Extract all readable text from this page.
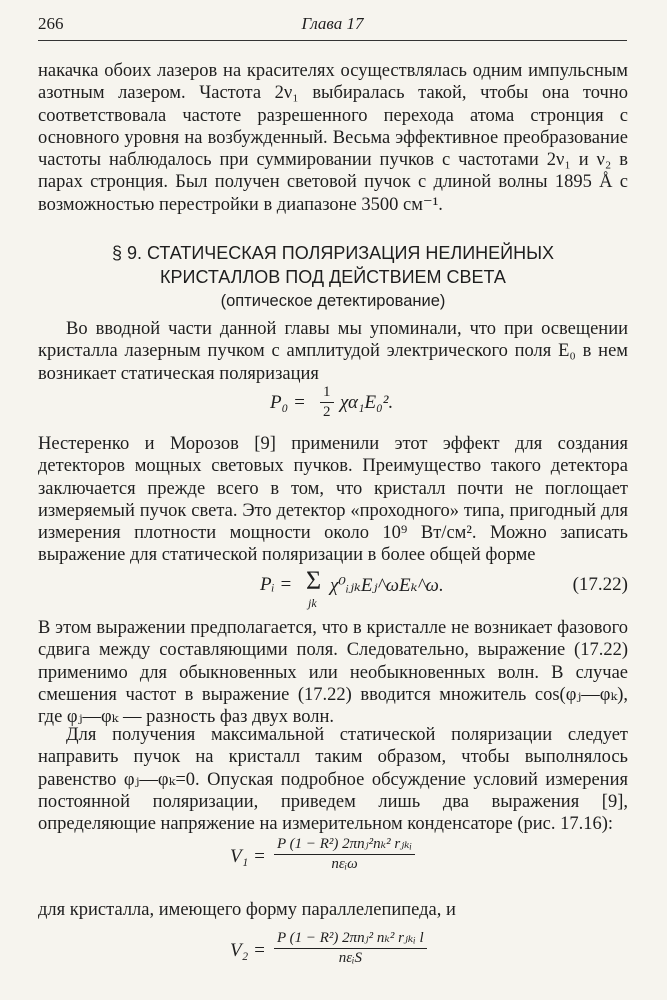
266	Глава 17

накачка обоих лазеров на красителях осуществлялась одним импульсным азотным лазером. Частота 2ν₁ выбиралась такой, чтобы она точно соответствовала частоте разрешенного перехода атома стронция с основного уровня на возбужденный. Весьма эффективное преобразование частоты наблюдалось при суммировании пучков с частотами 2ν₁ и ν₂ в парах стронция. Был получен световой пучок с длиной волны 1895 Å с возможностью перестройки в диапазоне 3500 см⁻¹.

§ 9. СТАТИЧЕСКАЯ ПОЛЯРИЗАЦИЯ НЕЛИНЕЙНЫХ
КРИСТАЛЛОВ ПОД ДЕЙСТВИЕМ СВЕТА
(оптическое детектирование)

Во вводной части данной главы мы упоминали, что при освещении кристалла лазерным пучком с амплитудой электрического поля E₀ в нем возникает статическая поляризация

$P_0 = \frac{1}{2} \chi\alpha_1E_0^2$.

Нестеренко и Морозов [9] применили этот эффект для создания детекторов мощных световых пучков. Преимущество такого детектора заключается прежде всего в том, что кристалл почти не поглощает измеряемый пучок света. Это детектор «проходного» типа, пригодный для измерения плотности мощности около 10⁹ Вт/см². Можно записать выражение для статической поляризации в более общей форме

Pᵢ = Σ
jk
χ⁰ᵢⱼₖEⱼ^ωEₖ^ω.	(17.22)

В этом выражении предполагается, что в кристалле не возникает фазового сдвига между составляющими поля. Следовательно, выражение (17.22) применимо для обыкновенных или необыкновенных волн. В случае смешения частот в выражение (17.22) вводится множитель cos(φⱼ—φₖ), где φⱼ—φₖ — разность фаз двух волн.

Для получения максимальной статической поляризации следует направить пучок на кристалл таким образом, чтобы выполнялось равенство φⱼ—φₖ=0. Опуская подробное обсуждение условий измерения постоянной поляризации, приведем лишь два выражения [9], определяющие напряжение на измерительном конденсаторе (рис. 17.16):

V₁ =
P (1 − R²) 2πnⱼ²nₖ² rⱼₖᵢ
nεᵢω

для кристалла, имеющего форму параллелепипеда, и

V₂ =
P (1 − R²) 2πnⱼ² nₖ² rⱼₖᵢ l
nεᵢS
